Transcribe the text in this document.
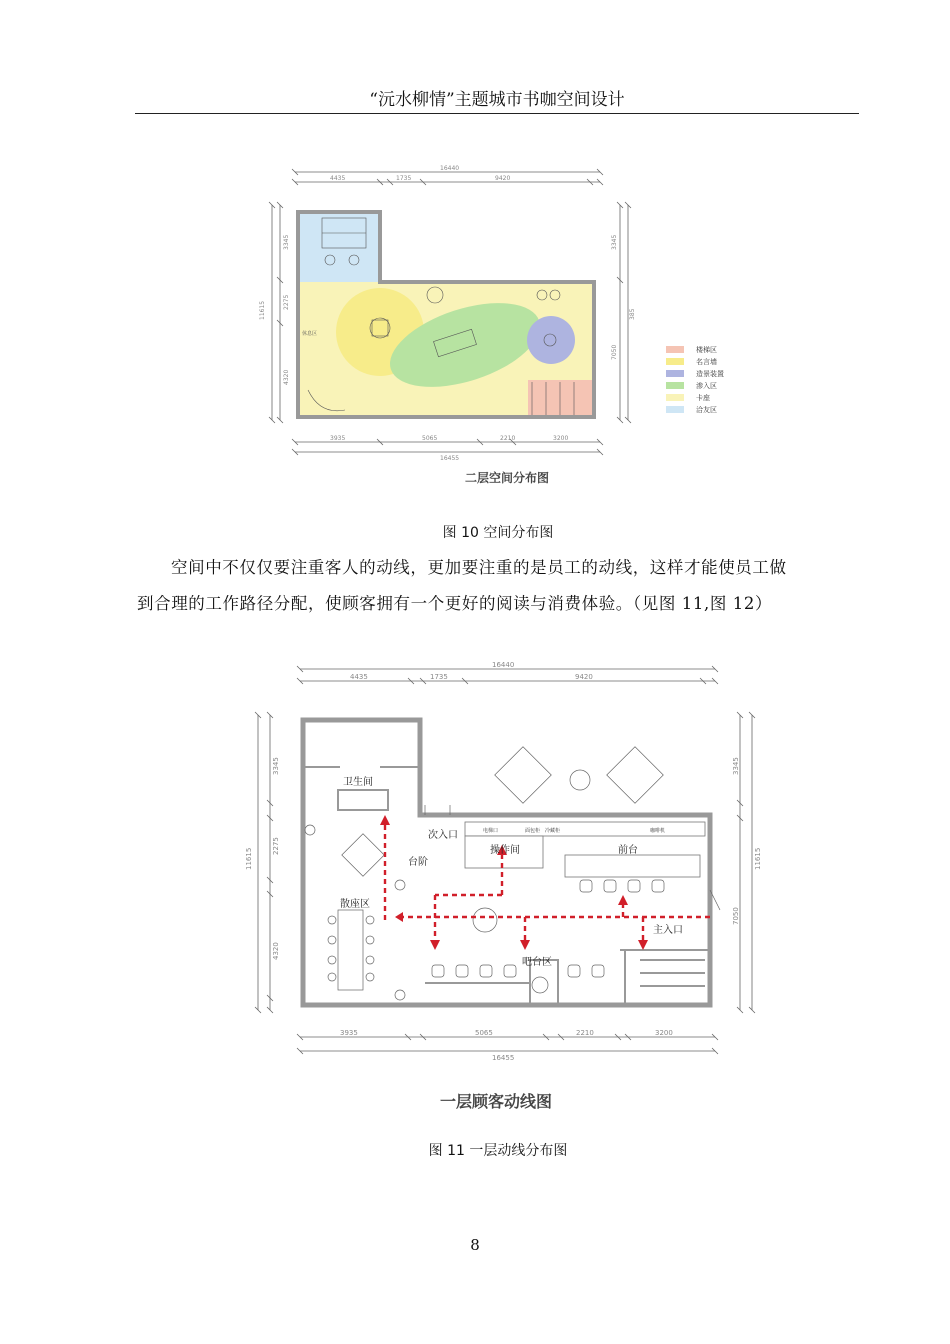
“沅水柳情”主题城市书咖空间设计
16440
4435	1735	9420
11615
3345
2275
4320
3345
7050
385
休息区
3935	5065	2210	3200
16455
楼梯区
名言墙
造景装置
渗入区
卡座
洽友区
二层空间分布图
图 10 空间分布图
空间中不仅仅要注重客人的动线，更加要注重的是员工的动线，这样才能使员工做
到合理的工作路径分配，使顾客拥有一个更好的阅读与消费体验。（见图 11,图 12）
16440
4435	1735	9420
11615
3345
2275
4320
3345
7050
11615
电梯口	面包柜 冷藏柜	咖啡机
卫生间
次入口
台阶
操作间	前台
散座区
主入口
吧台区
3935	5065	2210	3200
16455
一层顾客动线图
图 11 一层动线分布图
8
